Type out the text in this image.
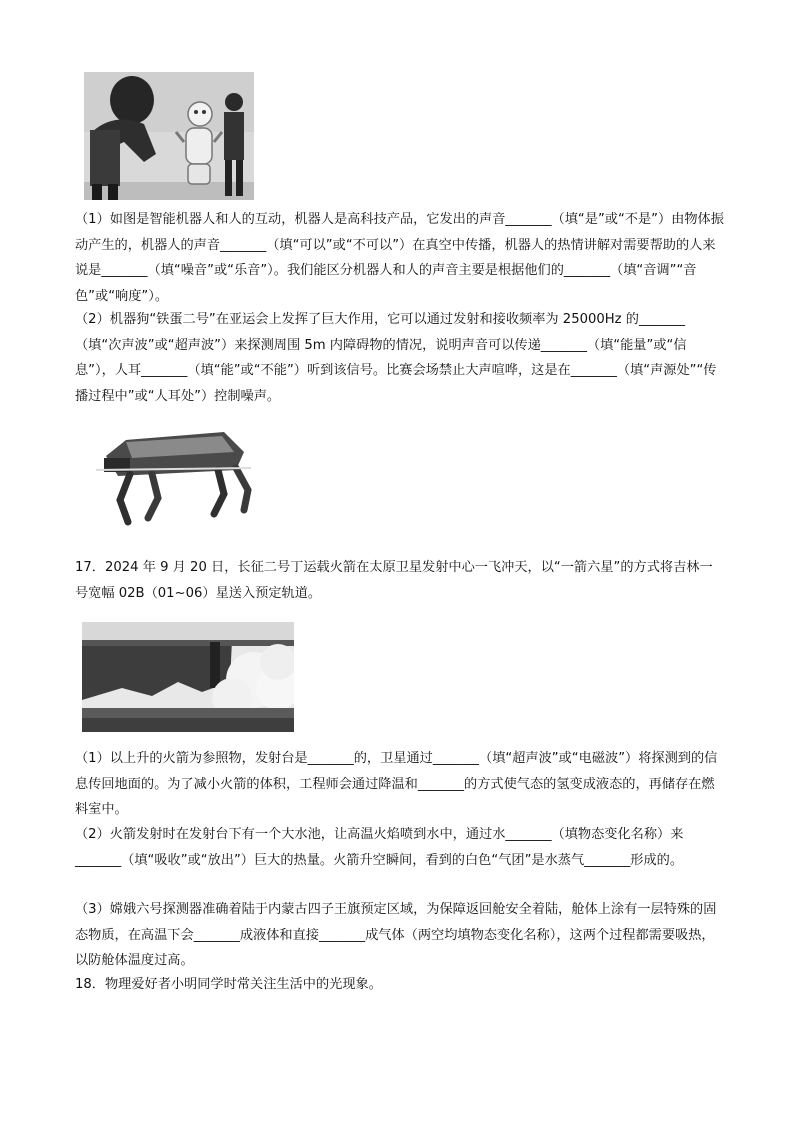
（1）如图是智能机器人和人的互动，机器人是高科技产品，它发出的声音_______（填“是”或“不是”）由物体振动产生的，机器人的声音_______（填“可以”或“不可以”）在真空中传播，机器人的热情讲解对需要帮助的人来说是_______（填“噪音”或“乐音”）。我们能区分机器人和人的声音主要是根据他们的_______（填“音调”“音色”或“响度”）。
（2）机器狗“铁蛋二号”在亚运会上发挥了巨大作用，它可以通过发射和接收频率为 25000Hz 的_______（填“次声波”或“超声波”）来探测周围 5m 内障碍物的情况，说明声音可以传递_______（填“能量”或“信息”），人耳_______（填“能”或“不能”）听到该信号。比赛会场禁止大声喧哗，这是在_______（填“声源处”“传播过程中”或“人耳处”）控制噪声。
17．2024 年 9 月 20 日，长征二号丁运载火箭在太原卫星发射中心一飞冲天，以“一箭六星”的方式将吉林一号宽幅 02B（01~06）星送入预定轨道。
（1）以上升的火箭为参照物，发射台是_______的，卫星通过_______（填“超声波”或“电磁波”）将探测到的信息传回地面的。为了减小火箭的体积，工程师会通过降温和_______的方式使气态的氢变成液态的，再储存在燃料室中。
（2）火箭发射时在发射台下有一个大水池，让高温火焰喷到水中，通过水_______（填物态变化名称）来_______（填“吸收”或“放出”）巨大的热量。火箭升空瞬间，看到的白色“气团”是水蒸气_______形成的。
（3）嫦娥六号探测器准确着陆于内蒙古四子王旗预定区域，为保障返回舱安全着陆，舱体上涂有一层特殊的固态物质，在高温下会_______成液体和直接_______成气体（两空均填物态变化名称），这两个过程都需要吸热，以防舱体温度过高。
18．物理爱好者小明同学时常关注生活中的光现象。
